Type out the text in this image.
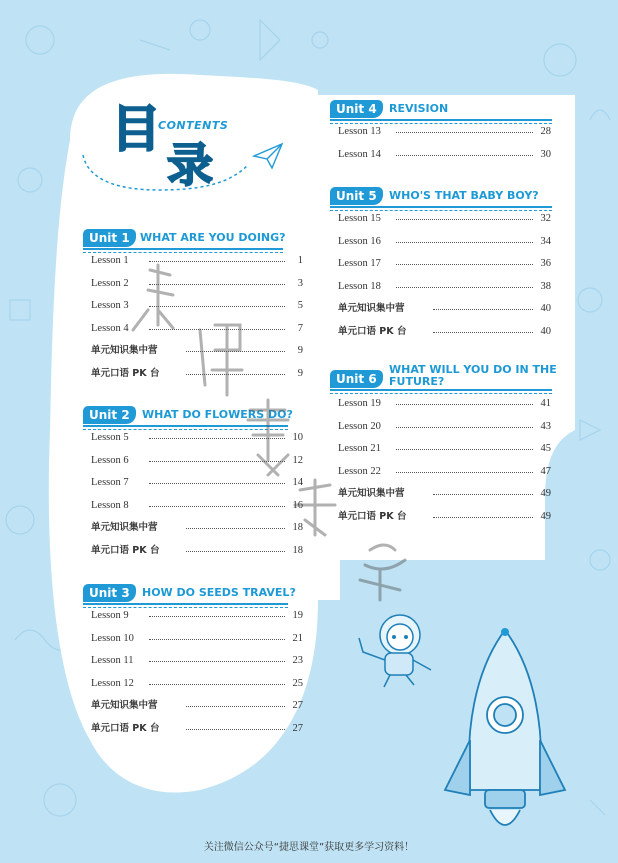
目
录
CONTENTS
Unit 1 WHAT ARE YOU DOING?
Unit 2	WHAT DO FLOWERS DO?
Unit 3	HOW DO SEEDS TRAVEL?
Unit 4	REVISION
Unit 5	WHO'S THAT BABY BOY?
Unit 6
WHAT WILL YOU DO IN THE
FUTURE?
Lesson 1	1
Lesson 2	3
Lesson 3	5
Lesson 4	7
单元知识集中营	9
单元口语 PK 台	9
Lesson 5	10
Lesson 6	12
Lesson 7	14
Lesson 8	16
单元知识集中营	18
单元口语 PK 台	18
Lesson 9	19
Lesson 10	21
Lesson 11	23
Lesson 12	25
单元知识集中营	27
单元口语 PK 台	27
Lesson 13	28
Lesson 14	30
Lesson 15	32
Lesson 16	34
Lesson 17	36
Lesson 18	38
单元知识集中营	40
单元口语 PK 台	40
Lesson 19	41
Lesson 20	43
Lesson 21	45
Lesson 22	47
单元知识集中营	49
单元口语 PK 台	49
关注微信公众号“捷思课堂”获取更多学习资料！
